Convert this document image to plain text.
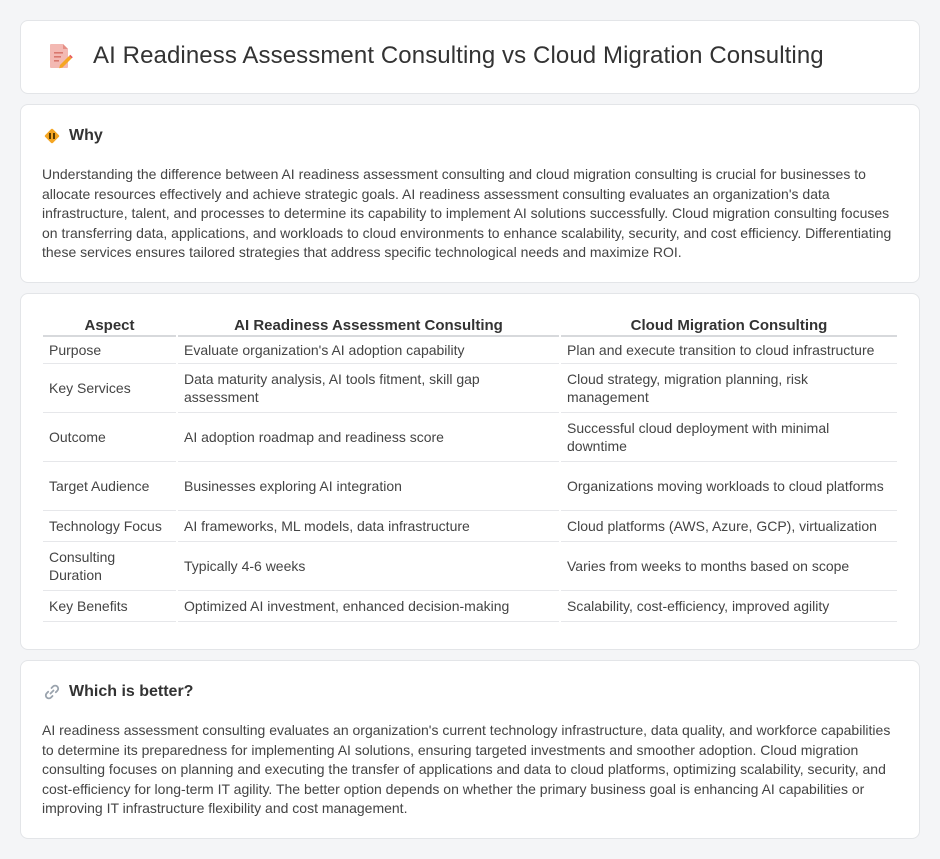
AI Readiness Assessment Consulting vs Cloud Migration Consulting
Why

Understanding the difference between AI readiness assessment consulting and cloud migration consulting is crucial for businesses to allocate resources effectively and achieve strategic goals. AI readiness assessment consulting evaluates an organization's data infrastructure, talent, and processes to determine its capability to implement AI solutions successfully. Cloud migration consulting focuses on transferring data, applications, and workloads to cloud environments to enhance scalability, security, and cost efficiency. Differentiating these services ensures tailored strategies that address specific technological needs and maximize ROI.

Aspect	AI Readiness Assessment Consulting	Cloud Migration Consulting
Purpose	Evaluate organization's AI adoption capability	Plan and execute transition to cloud infrastructure
Key Services	Data maturity analysis, AI tools fitment, skill gap assessment	Cloud strategy, migration planning, risk management
Outcome	AI adoption roadmap and readiness score	Successful cloud deployment with minimal downtime
Target Audience	Businesses exploring AI integration	Organizations moving workloads to cloud platforms
Technology Focus	AI frameworks, ML models, data infrastructure	Cloud platforms (AWS, Azure, GCP), virtualization
Consulting Duration	Typically 4-6 weeks	Varies from weeks to months based on scope
Key Benefits	Optimized AI investment, enhanced decision-making	Scalability, cost-efficiency, improved agility
Which is better?

AI readiness assessment consulting evaluates an organization's current technology infrastructure, data quality, and workforce capabilities to determine its preparedness for implementing AI solutions, ensuring targeted investments and smoother adoption. Cloud migration consulting focuses on planning and executing the transfer of applications and data to cloud platforms, optimizing scalability, security, and cost-efficiency for long-term IT agility. The better option depends on whether the primary business goal is enhancing AI capabilities or improving IT infrastructure flexibility and cost management.
